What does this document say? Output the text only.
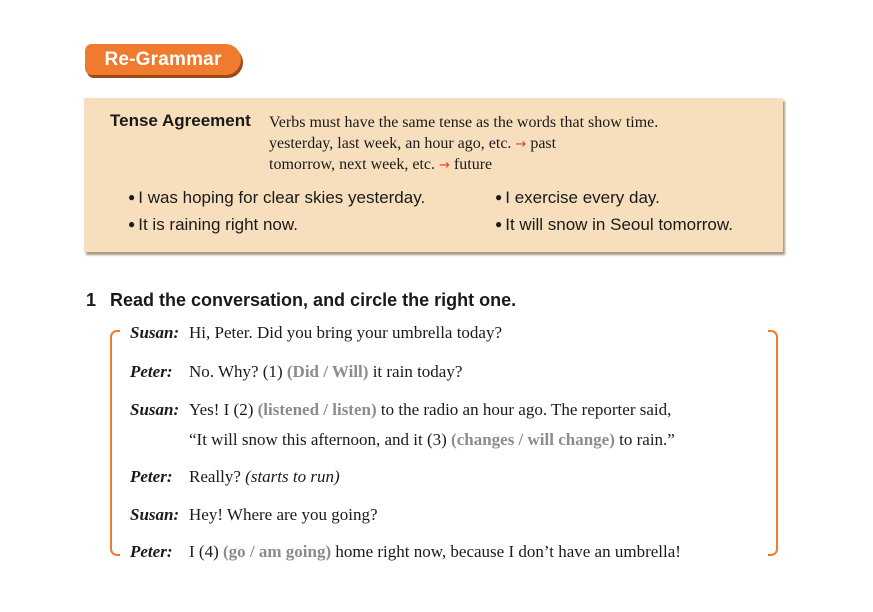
Re-Grammar
Tense Agreement Verbs must have the same tense as the words that show time.
yesterday, last week, an hour ago, etc. → past
tomorrow, next week, etc. → future
● I was hoping for clear skies yesterday.	● I exercise every day.
● It is raining right now.	● It will snow in Seoul tomorrow.
1 Read the conversation, and circle the right one.
Susan: Hi, Peter. Did you bring your umbrella today?
Peter: No. Why? (1) (Did / Will) it rain today?
Susan: Yes! I (2) (listened / listen) to the radio an hour ago. The reporter said,
“It will snow this afternoon, and it (3) (changes / will change) to rain.”
Peter: Really? (starts to run)
Susan: Hey! Where are you going?
Peter: I (4) (go / am going) home right now, because I don’t have an umbrella!
